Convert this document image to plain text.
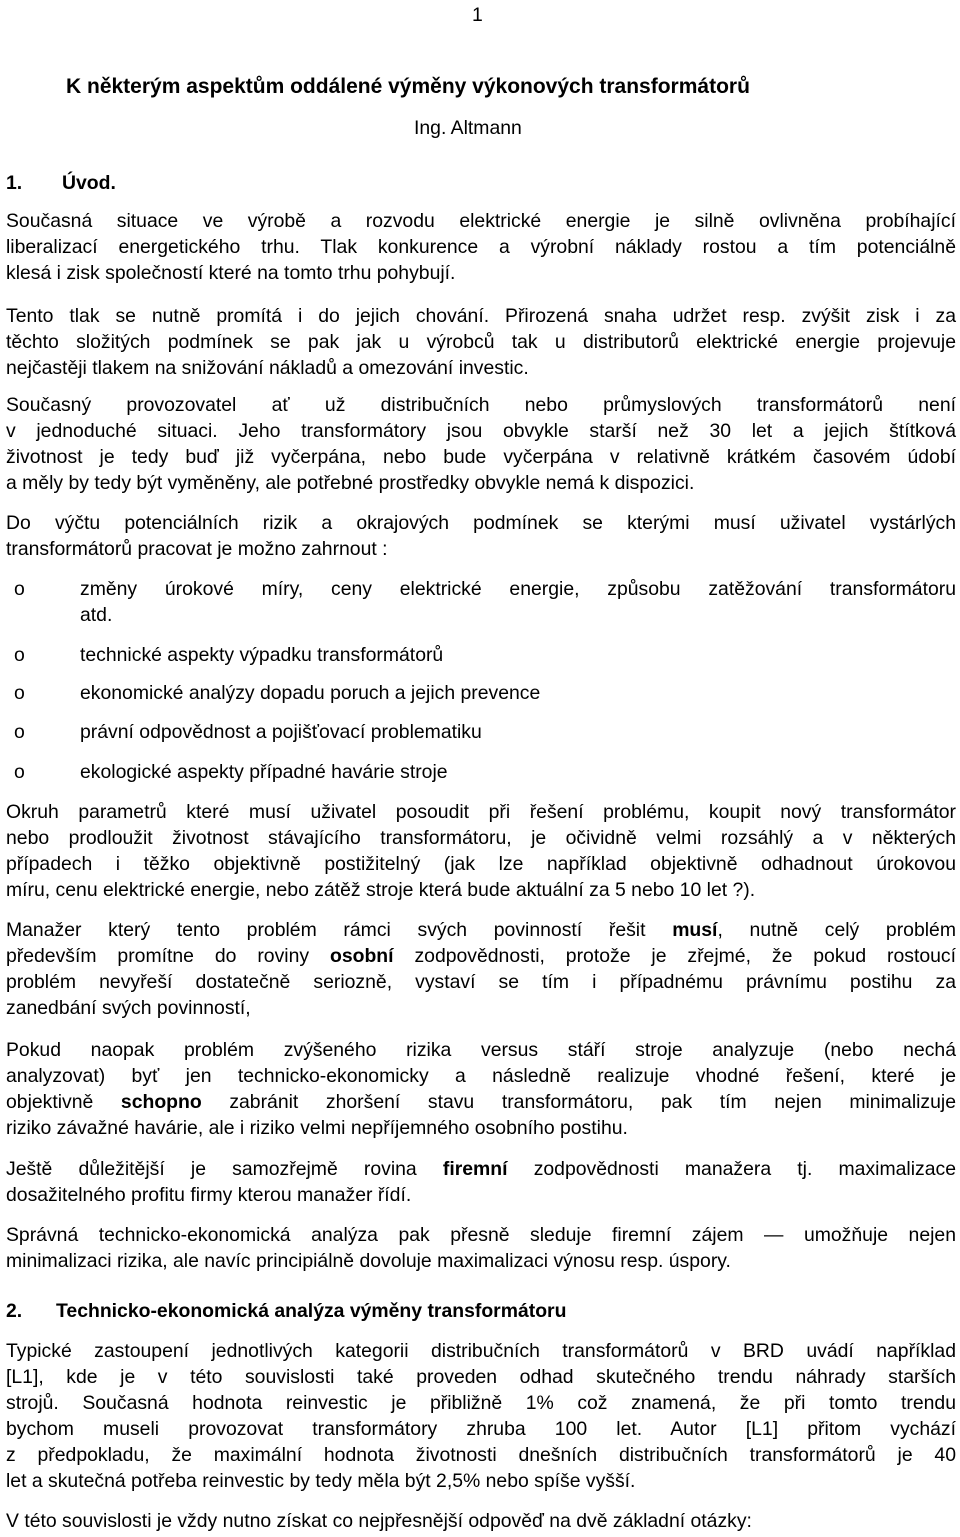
1
K některým aspektům oddálené výměny výkonových transformátorů
Ing. Altmann
1. Úvod.
Současná situace ve výrobě a rozvodu elektrické energie je silně ovlivněna probíhající
liberalizací energetického trhu. Tlak konkurence a výrobní náklady rostou a tím potenciálně
klesá i zisk společností které na tomto trhu pohybují.
Tento tlak se nutně promítá i do jejich chování. Přirozená snaha udržet resp. zvýšit zisk i za
těchto složitých podmínek se pak jak u výrobců tak u distributorů elektrické energie projevuje
nejčastěji tlakem na snižování nákladů a omezování investic.
Současný provozovatel ať už distribučních nebo průmyslových transformátorů není
v jednoduché situaci. Jeho transformátory jsou obvykle starší než 30 let a jejich štítková
životnost je tedy buď již vyčerpána, nebo bude vyčerpána v relativně krátkém časovém údobí
a měly by tedy být vyměněny, ale potřebné prostředky obvykle nemá k dispozici.
Do výčtu potenciálních rizik a okrajových podmínek se kterými musí uživatel vystárlých
transformátorů pracovat je možno zahrnout :
o	změny úrokové míry, ceny elektrické energie, způsobu zatěžování transformátoru
atd.
o	technické aspekty výpadku transformátorů
o	ekonomické analýzy dopadu poruch a jejich prevence
o	právní odpovědnost a pojišťovací problematiku
o	ekologické aspekty případné havárie stroje
Okruh parametrů které musí uživatel posoudit při řešení problému, koupit nový transformátor
nebo prodloužit životnost stávajícího transformátoru, je očividně velmi rozsáhlý a v některých
případech i těžko objektivně postižitelný (jak lze například objektivně odhadnout úrokovou
míru, cenu elektrické energie, nebo zátěž stroje která bude aktuální za 5 nebo 10 let ?).
Manažer který tento problém rámci svých povinností řešit musí, nutně celý problém
především promítne do roviny osobní zodpovědnosti, protože je zřejmé, že pokud rostoucí
problém nevyřeší dostatečně seriozně, vystaví se tím i případnému právnímu postihu za
zanedbání svých povinností,
Pokud naopak problém zvýšeného rizika versus stáří stroje analyzuje (nebo nechá
analyzovat) byť jen technicko-ekonomicky a následně realizuje vhodné řešení, které je
objektivně schopno zabránit zhoršení stavu transformátoru, pak tím nejen minimalizuje
riziko závažné havárie, ale i riziko velmi nepříjemného osobního postihu.
Ještě důležitější je samozřejmě rovina firemní zodpovědnosti manažera tj. maximalizace
dosažitelného profitu firmy kterou manažer řídí.
Správná technicko-ekonomická analýza pak přesně sleduje firemní zájem — umožňuje nejen
minimalizaci rizika, ale navíc principiálně dovoluje maximalizaci výnosu resp. úspory.
2. Technicko-ekonomická analýza výměny transformátoru
Typické zastoupení jednotlivých kategorii distribučních transformátorů v BRD uvádí například
[L1], kde je v této souvislosti také proveden odhad skutečného trendu náhrady starších
strojů. Současná hodnota reinvestic je přibližně 1% což znamená, že při tomto trendu
bychom museli provozovat transformátory zhruba 100 let. Autor [L1] přitom vychází
z předpokladu, že maximální hodnota životnosti dnešních distribučních transformátorů je 40
let a skutečná potřeba reinvestic by tedy měla být 2,5% nebo spíše vyšší.
V této souvislosti je vždy nutno získat co nejpřesnější odpověď na dvě základní otázky:
